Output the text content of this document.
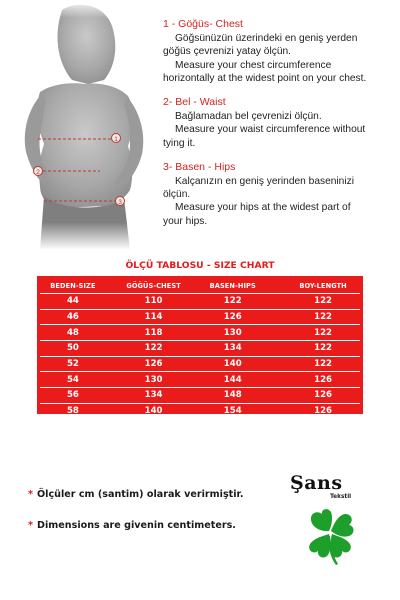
1
2
3
1 - Göğüs- Chest
Göğsünüzün üzerindeki en geniş yerden
göğüs çevrenizi yatay ölçün.
Measure your chest circumference
horizontally at the widest point on your chest.
2- Bel - Waist
Bağlamadan bel çevrenizi ölçün.
Measure your waist circumference without
tying it.
3- Basen - Hips
Kalçanızın en geniş yerinden baseninizi
ölçün.
Measure your hips at the widest part of
your hips.
ÖLÇÜ TABLOSU - SIZE CHART
BEDEN-SIZE	GÖĞÜS-CHEST	BASEN-HIPS	BOY-LENGTH
44	110	122	122
46	114	126	122
48	118	130	122
50	122	134	122
52	126	140	122
54	130	144	126
56	134	148	126
58	140	154	126
* Ölçüler cm (santim) olarak verirmiştir.
* Dimensions are givenin centimeters.
Şans
Tekstil
